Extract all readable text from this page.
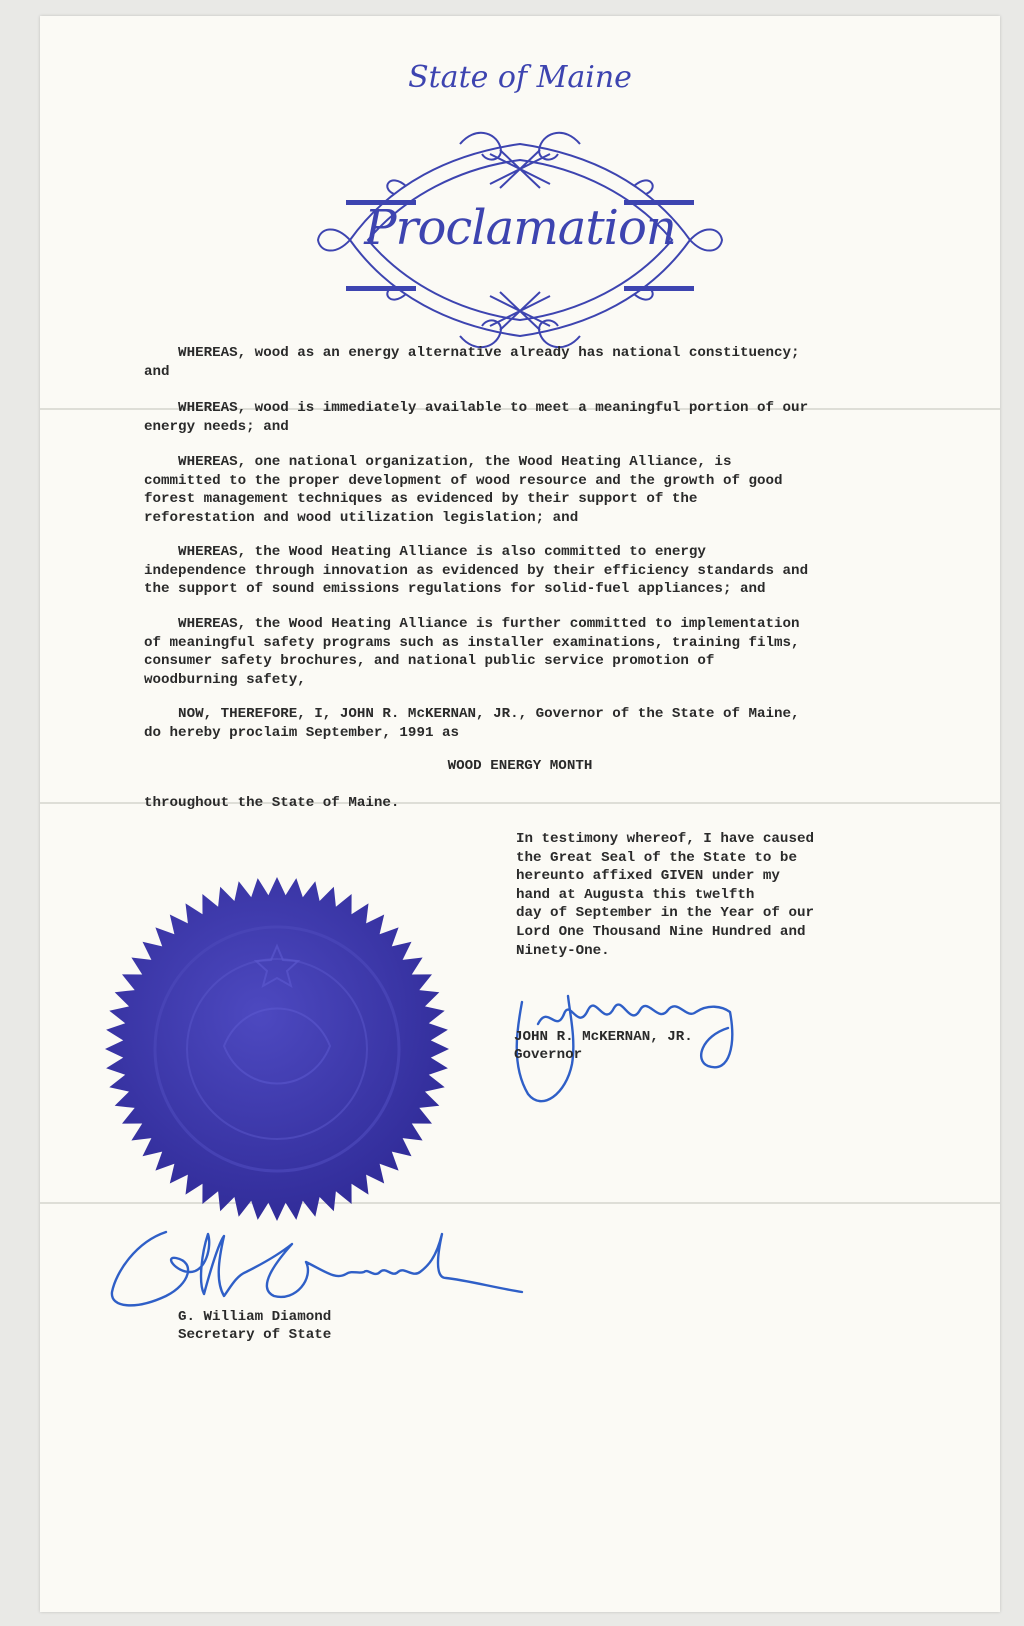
State of Maine
Proclamation

WHEREAS, wood as an energy alternative already has national constituency;
and

WHEREAS, wood is immediately available to meet a meaningful portion of our
energy needs; and

WHEREAS, one national organization, the Wood Heating Alliance, is
committed to the proper development of wood resource and the growth of good
forest management techniques as evidenced by their support of the
reforestation and wood utilization legislation; and

WHEREAS, the Wood Heating Alliance is also committed to energy
independence through innovation as evidenced by their efficiency standards and
the support of sound emissions regulations for solid-fuel appliances; and

WHEREAS, the Wood Heating Alliance is further committed to implementation
of meaningful safety programs such as installer examinations, training films,
consumer safety brochures, and national public service promotion of
woodburning safety,

NOW, THEREFORE, I, JOHN R. McKERNAN, JR., Governor of the State of Maine,
do hereby proclaim September, 1991 as

WOOD ENERGY MONTH

throughout the State of Maine.

In testimony whereof, I have caused
the Great Seal of the State to be
hereunto affixed GIVEN under my
hand at Augusta this twelfth
day of September in the Year of our
Lord One Thousand Nine Hundred and
Ninety-One.

JOHN R. McKERNAN, JR.
Governor
G. William Diamond
Secretary of State
